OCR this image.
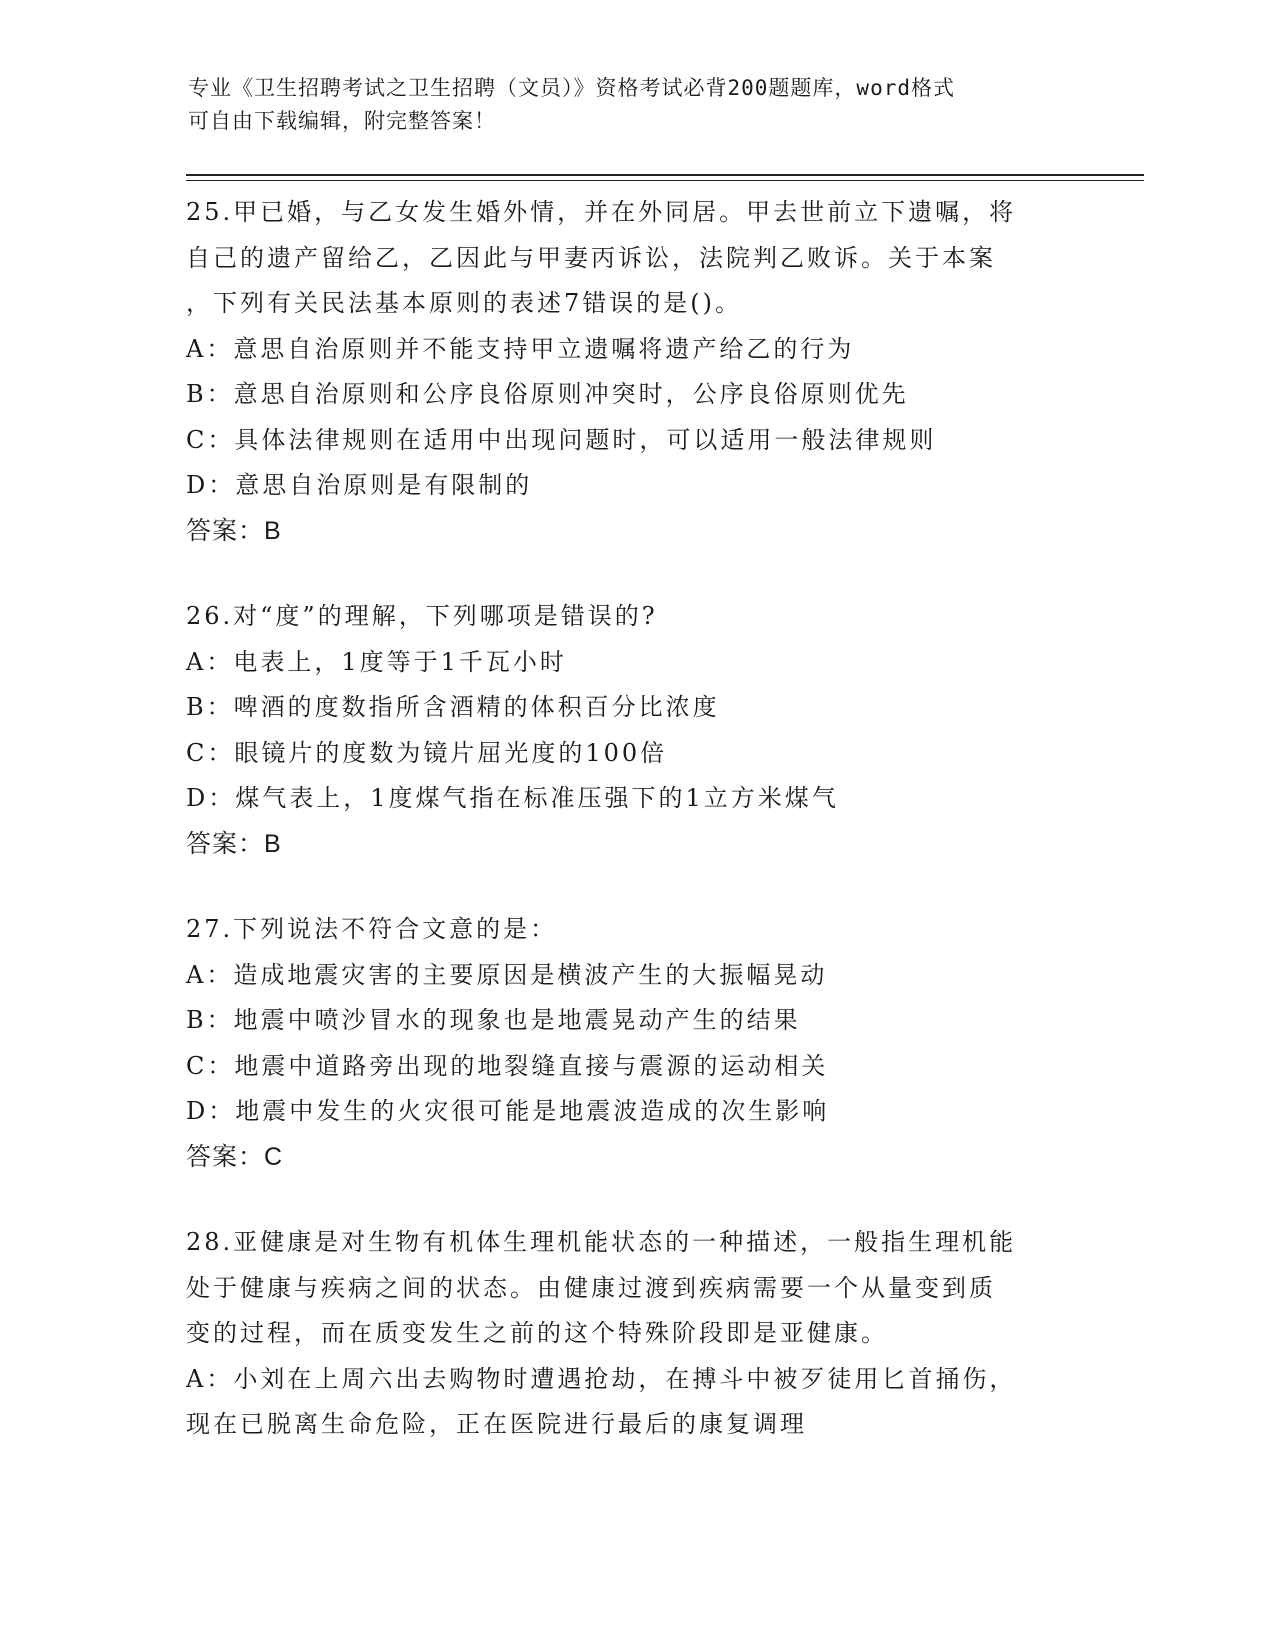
专业《卫生招聘考试之卫生招聘（文员）》资格考试必背200题题库，word格式
可自由下载编辑，附完整答案！
25.甲已婚，与乙女发生婚外情，并在外同居。甲去世前立下遗嘱，将
自己的遗产留给乙，乙因此与甲妻丙诉讼，法院判乙败诉。关于本案
，下列有关民法基本原则的表述7错误的是()。
A：意思自治原则并不能支持甲立遗嘱将遗产给乙的行为
B：意思自治原则和公序良俗原则冲突时，公序良俗原则优先
C：具体法律规则在适用中出现问题时，可以适用一般法律规则
D：意思自治原则是有限制的
答案：B
26.对“度”的理解，下列哪项是错误的?
A：电表上，1度等于1千瓦小时
B：啤酒的度数指所含酒精的体积百分比浓度
C：眼镜片的度数为镜片屈光度的100倍
D：煤气表上，1度煤气指在标准压强下的1立方米煤气
答案：B
27.下列说法不符合文意的是：
A：造成地震灾害的主要原因是横波产生的大振幅晃动
B：地震中喷沙冒水的现象也是地震晃动产生的结果
C：地震中道路旁出现的地裂缝直接与震源的运动相关
D：地震中发生的火灾很可能是地震波造成的次生影响
答案：C
28.亚健康是对生物有机体生理机能状态的一种描述，一般指生理机能
处于健康与疾病之间的状态。由健康过渡到疾病需要一个从量变到质
变的过程，而在质变发生之前的这个特殊阶段即是亚健康。
A：小刘在上周六出去购物时遭遇抢劫，在搏斗中被歹徒用匕首捅伤，
现在已脱离生命危险，正在医院进行最后的康复调理
